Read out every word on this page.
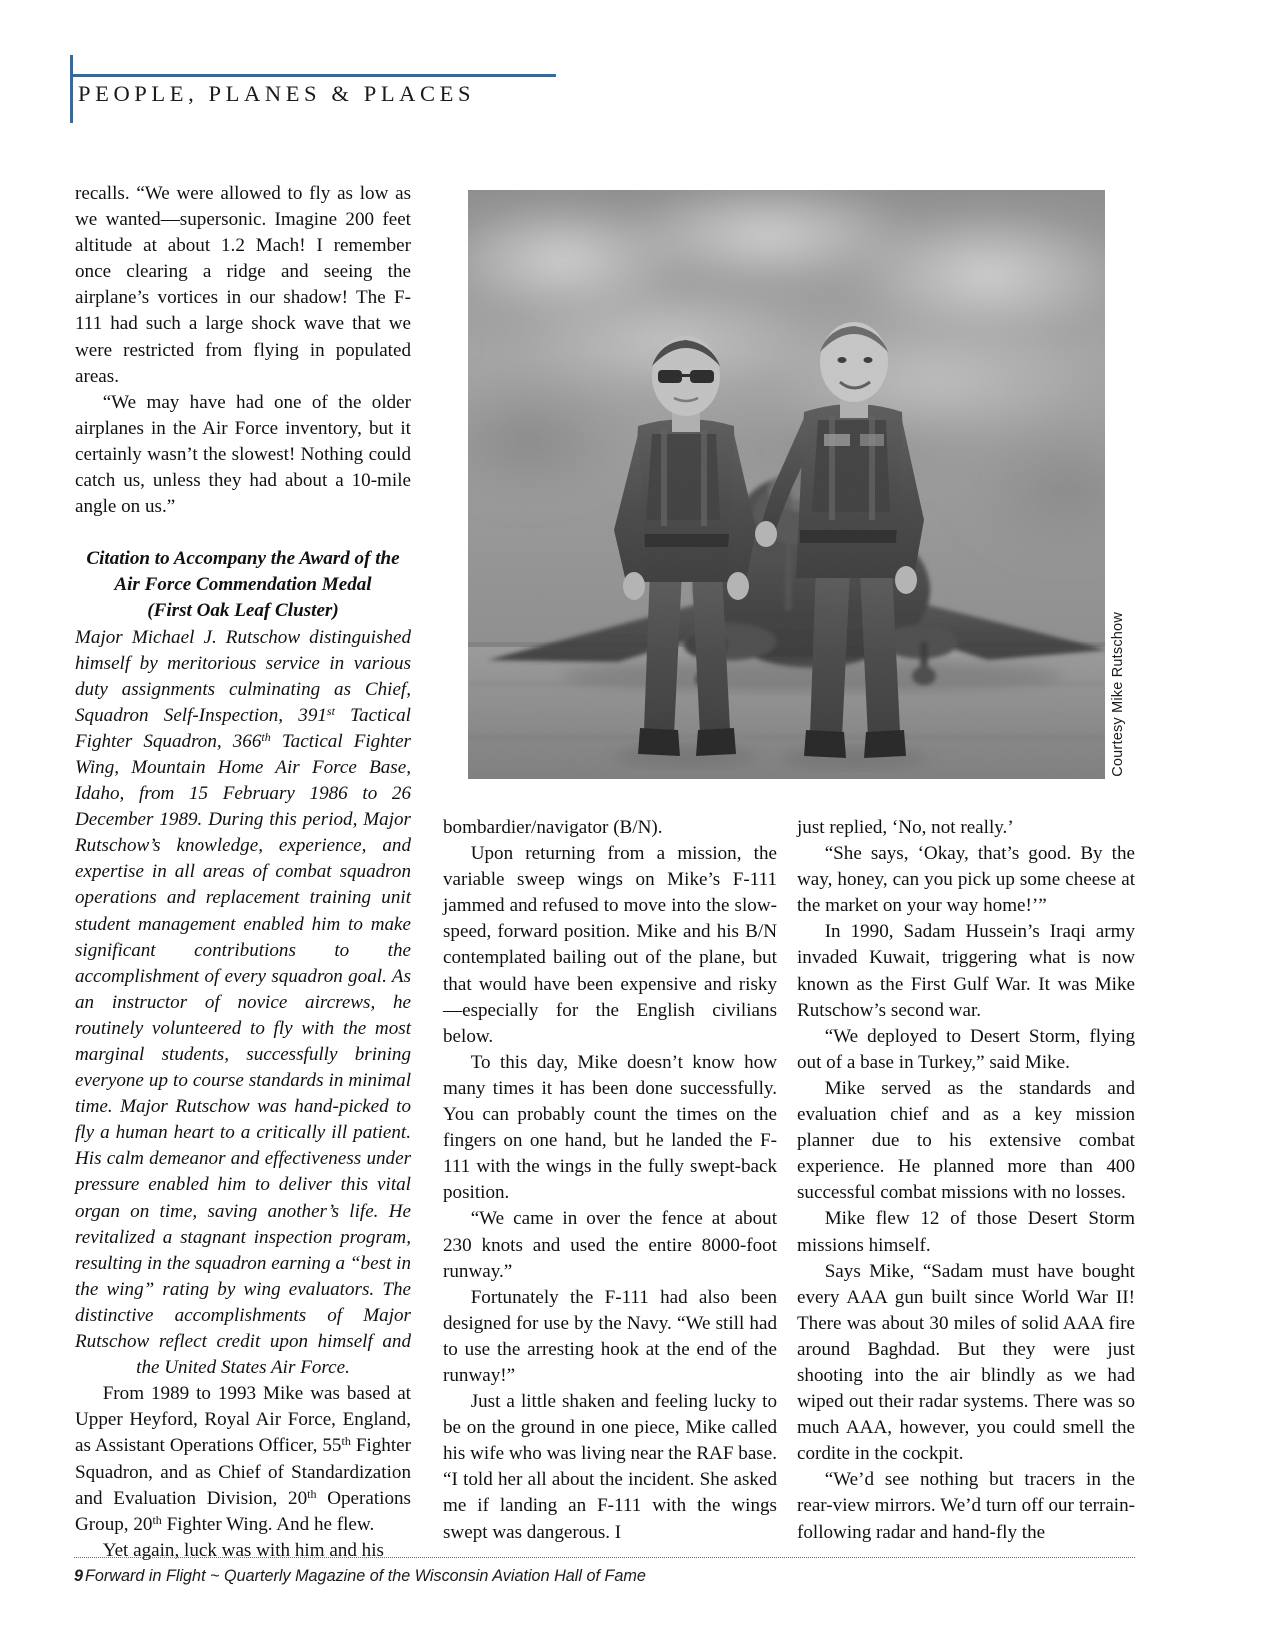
PEOPLE, PLANES & PLACES
Courtesy Mike Rutschow

recalls. “We were allowed to fly as low as we wanted—supersonic. Imagine 200 feet altitude at about 1.2 Mach! I remember once clearing a ridge and seeing the airplane’s vortices in our shadow! The F-111 had such a large shock wave that we were restricted from flying in populated areas.

“We may have had one of the older airplanes in the Air Force inventory, but it certainly wasn’t the slowest! Nothing could catch us, unless they had about a 10-mile angle on us.”

Citation to Accompany the Award of the
Air Force Commendation Medal
(First Oak Leaf Cluster)
Major Michael J. Rutschow distinguished himself by meritorious service in various duty assignments culminating as Chief, Squadron Self-Inspection, 391st Tactical Fighter Squadron, 366th Tactical Fighter Wing, Mountain Home Air Force Base, Idaho, from 15 February 1986 to 26 December 1989. During this period, Major Rutschow’s knowledge, experience, and expertise in all areas of combat squadron operations and replacement training unit student management enabled him to make significant contributions to the accomplishment of every squadron goal. As an instructor of novice aircrews, he routinely volunteered to fly with the most marginal students, successfully brining everyone up to course standards in minimal time. Major Rutschow was hand-picked to fly a human heart to a critically ill patient. His calm demeanor and effectiveness under pressure enabled him to deliver this vital organ on time, saving another’s life. He revitalized a stagnant inspection program, resulting in the squadron earning a “best in the wing” rating by wing evaluators. The distinctive accomplishments of Major Rutschow reflect credit upon himself and the United States Air Force.

From 1989 to 1993 Mike was based at Upper Heyford, Royal Air Force, England, as Assistant Operations Officer, 55th Fighter Squadron, and as Chief of Standardization and Evaluation Division, 20th Operations Group, 20th Fighter Wing. And he flew.

Yet again, luck was with him and his

bombardier/navigator (B/N).

Upon returning from a mission, the variable sweep wings on Mike’s F-111 jammed and refused to move into the slow-speed, forward position. Mike and his B/N contemplated bailing out of the plane, but that would have been expensive and risky—especially for the English civilians below.

To this day, Mike doesn’t know how many times it has been done successfully. You can probably count the times on the fingers on one hand, but he landed the F-111 with the wings in the fully swept-back position.

“We came in over the fence at about 230 knots and used the entire 8000-foot runway.”

Fortunately the F-111 had also been designed for use by the Navy. “We still had to use the arresting hook at the end of the runway!”

Just a little shaken and feeling lucky to be on the ground in one piece, Mike called his wife who was living near the RAF base. “I told her all about the incident. She asked me if landing an F-111 with the wings swept was dangerous. I

just replied, ‘No, not really.’

“She says, ‘Okay, that’s good. By the way, honey, can you pick up some cheese at the market on your way home!’”

In 1990, Sadam Hussein’s Iraqi army invaded Kuwait, triggering what is now known as the First Gulf War. It was Mike Rutschow’s second war.

“We deployed to Desert Storm, flying out of a base in Turkey,” said Mike.

Mike served as the standards and evaluation chief and as a key mission planner due to his extensive combat experience. He planned more than 400 successful combat missions with no losses.

Mike flew 12 of those Desert Storm missions himself.

Says Mike, “Sadam must have bought every AAA gun built since World War II! There was about 30 miles of solid AAA fire around Baghdad. But they were just shooting into the air blindly as we had wiped out their radar systems. There was so much AAA, however, you could smell the cordite in the cockpit.

“We’d see nothing but tracers in the rear-view mirrors. We’d turn off our terrain-following radar and hand-fly the

9 Forward in Flight ~ Quarterly Magazine of the Wisconsin Aviation Hall of Fame
